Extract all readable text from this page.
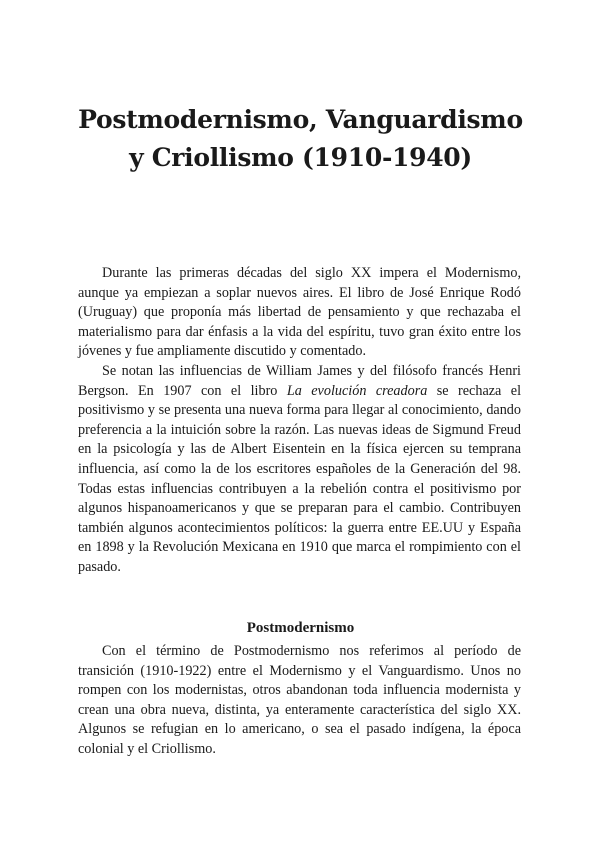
Postmodernismo, Vanguardismo
y Criollismo (1910-1940)

Durante las primeras décadas del siglo XX impera el Modernismo, aunque ya empiezan a soplar nuevos aires. El libro de José Enrique Rodó (Uruguay) que proponía más libertad de pensamiento y que rechazaba el materialismo para dar énfasis a la vida del espíritu, tuvo gran éxito entre los jóvenes y fue ampliamente discutido y comentado.

Se notan las influencias de William James y del filósofo francés Henri Bergson. En 1907 con el libro La evolución creadora se rechaza el positivismo y se presenta una nueva forma para llegar al conocimiento, dando preferencia a la intuición sobre la razón. Las nuevas ideas de Sigmund Freud en la psicología y las de Albert Eisentein en la física ejercen su temprana influencia, así como la de los escritores españoles de la Generación del 98. Todas estas influencias contribuyen a la rebelión contra el positivismo por algunos hispanoamericanos y que se preparan para el cambio. Contribuyen también algunos acontecimientos políticos: la guerra entre EE.UU y España en 1898 y la Revolución Mexicana en 1910 que marca el rompimiento con el pasado.

Postmodernismo

Con el término de Postmodernismo nos referimos al período de transición (1910-1922) entre el Modernismo y el Vanguardismo. Unos no rompen con los modernistas, otros abandonan toda influencia modernista y crean una obra nueva, distinta, ya enteramente característica del siglo XX. Algunos se refugian en lo americano, o sea el pasado indígena, la época colonial y el Criollismo.
